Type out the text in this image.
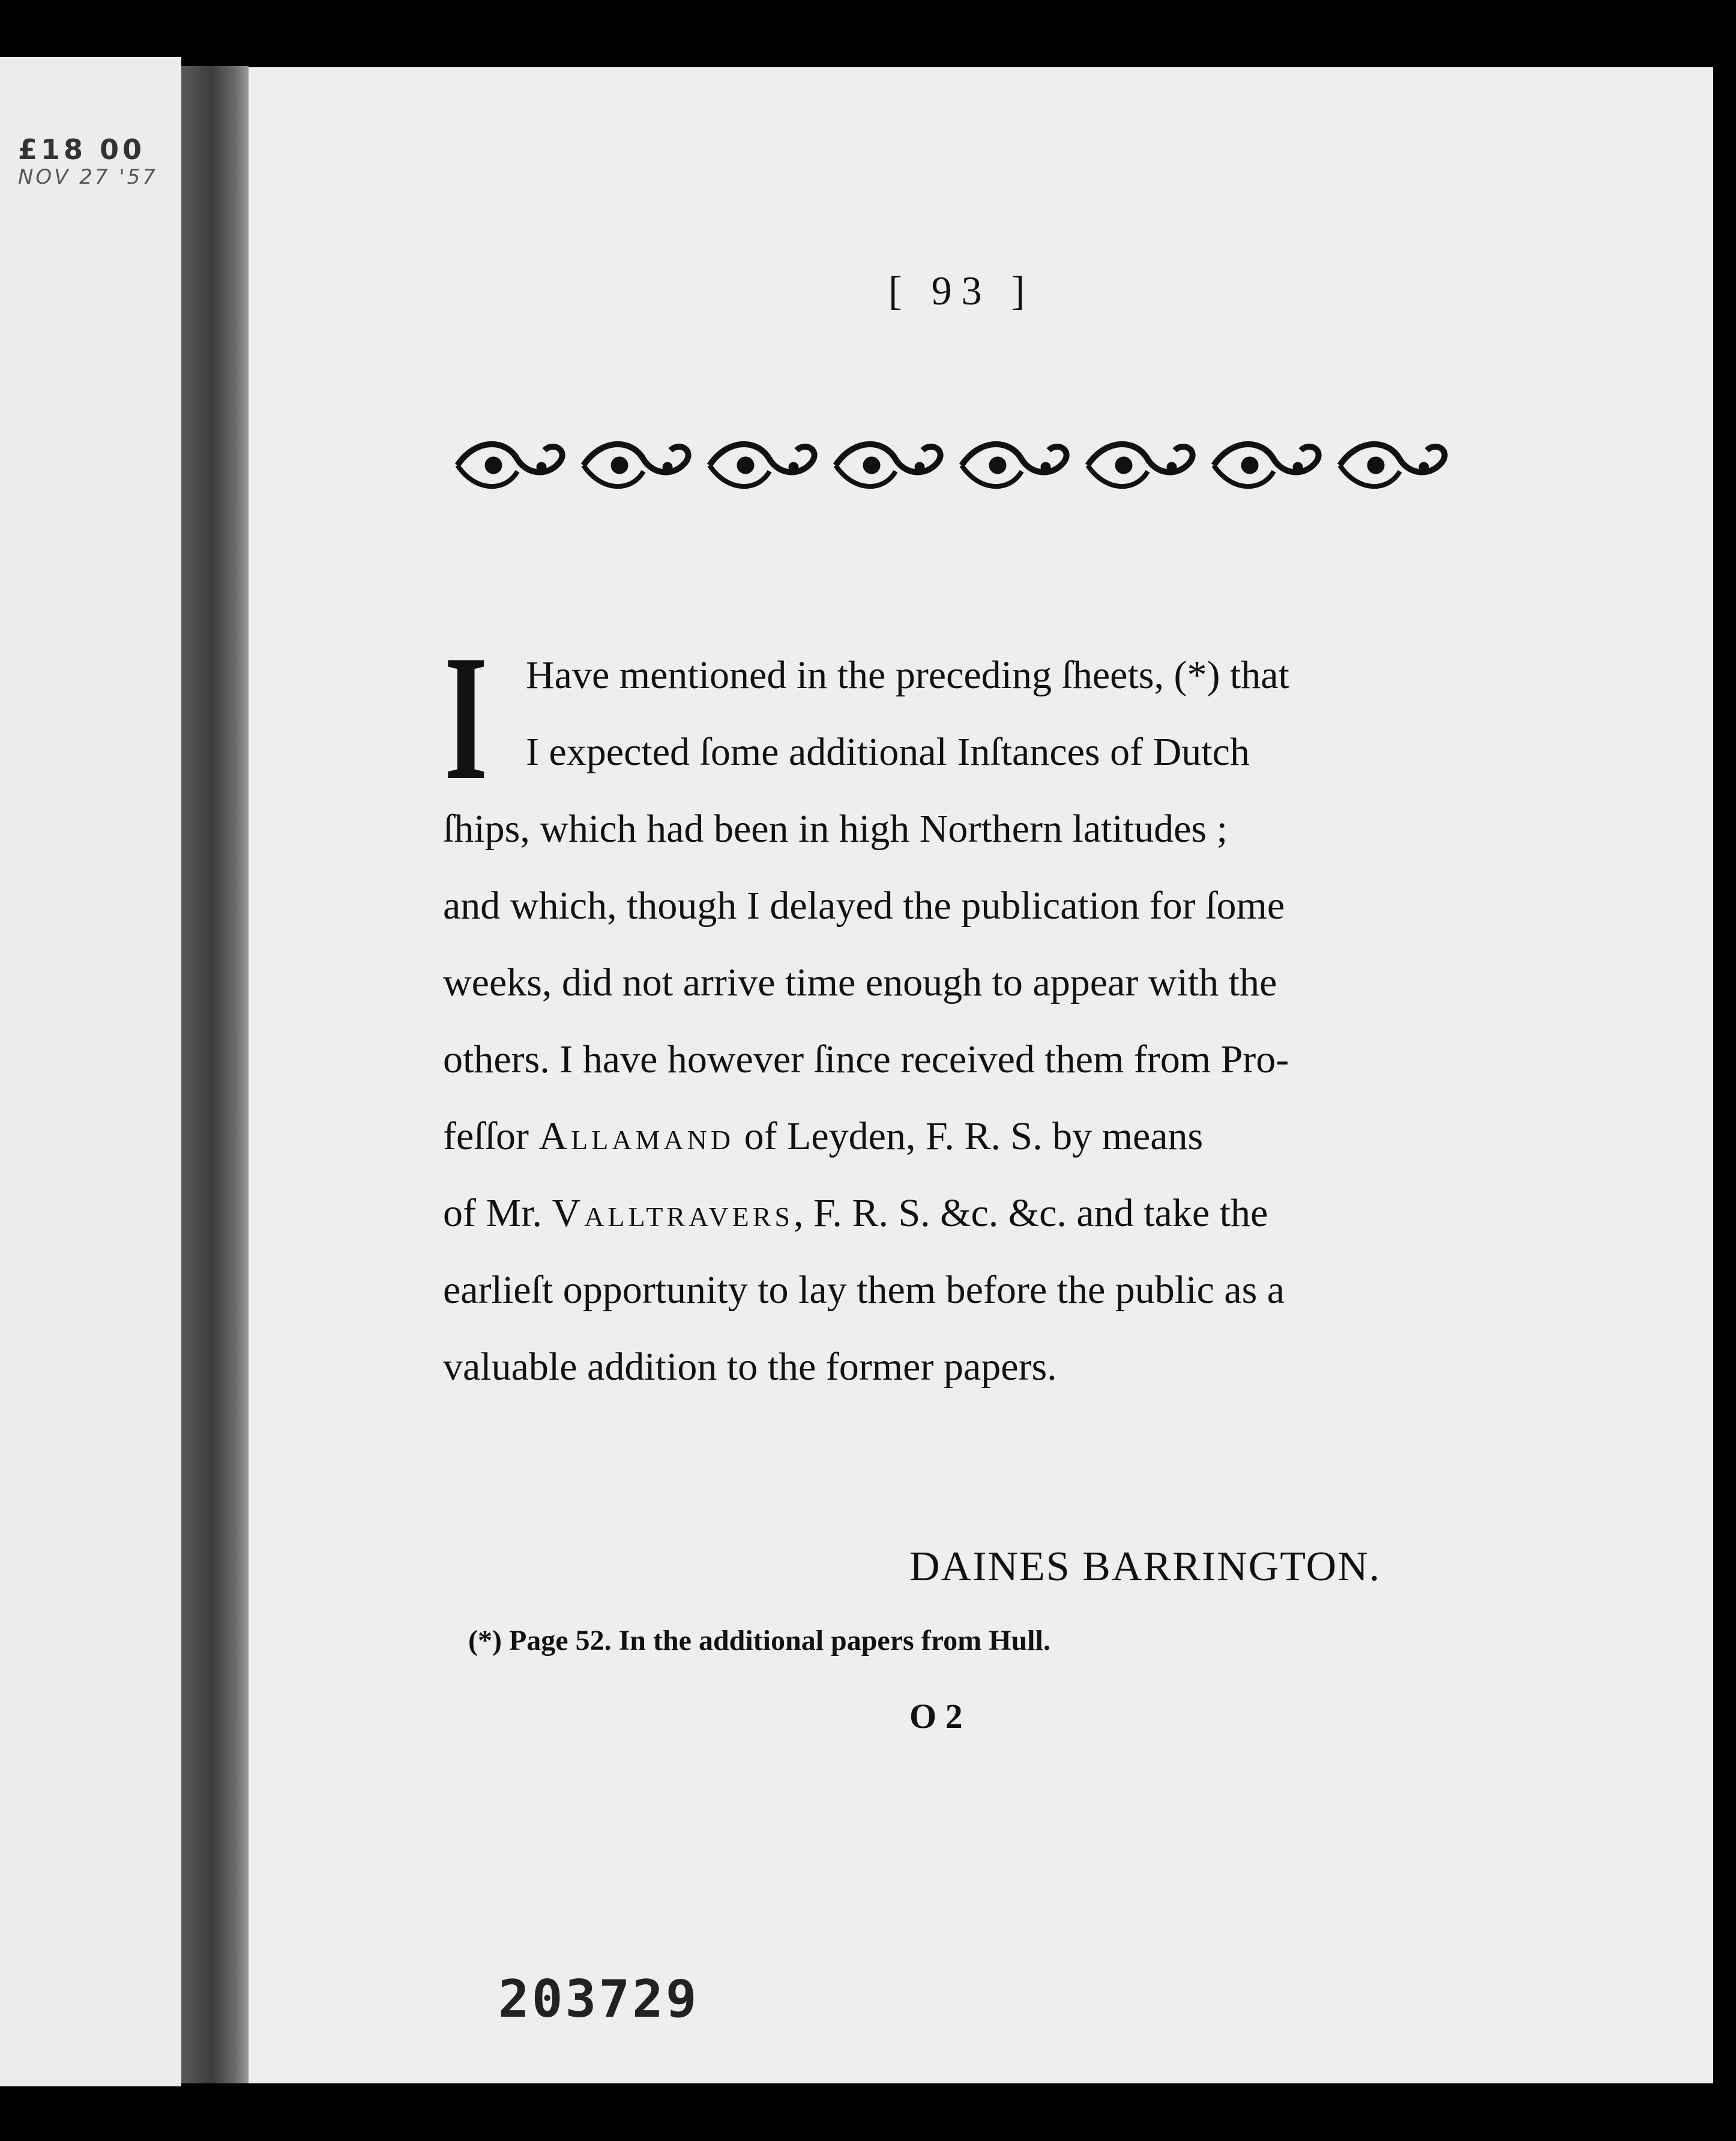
£18 00
NOV 27 '57
[ 93 ]
I Have mentioned in the preceding ſheets, (*) that
I expected ſome additional Inſtances of Dutch
ſhips, which had been in high Northern latitudes ;
and which, though I delayed the publication for ſome
weeks, did not arrive time enough to appear with the
others. I have however ſince received them from Pro-
feſſor Allamand of Leyden, F. R. S. by means
of Mr. Valltravers, F. R. S. &c. &c. and take the
earlieſt opportunity to lay them before the public as a
valuable addition to the former papers.
DAINES BARRINGTON.
(*) Page 52. In the additional papers from Hull.
O 2
203729
